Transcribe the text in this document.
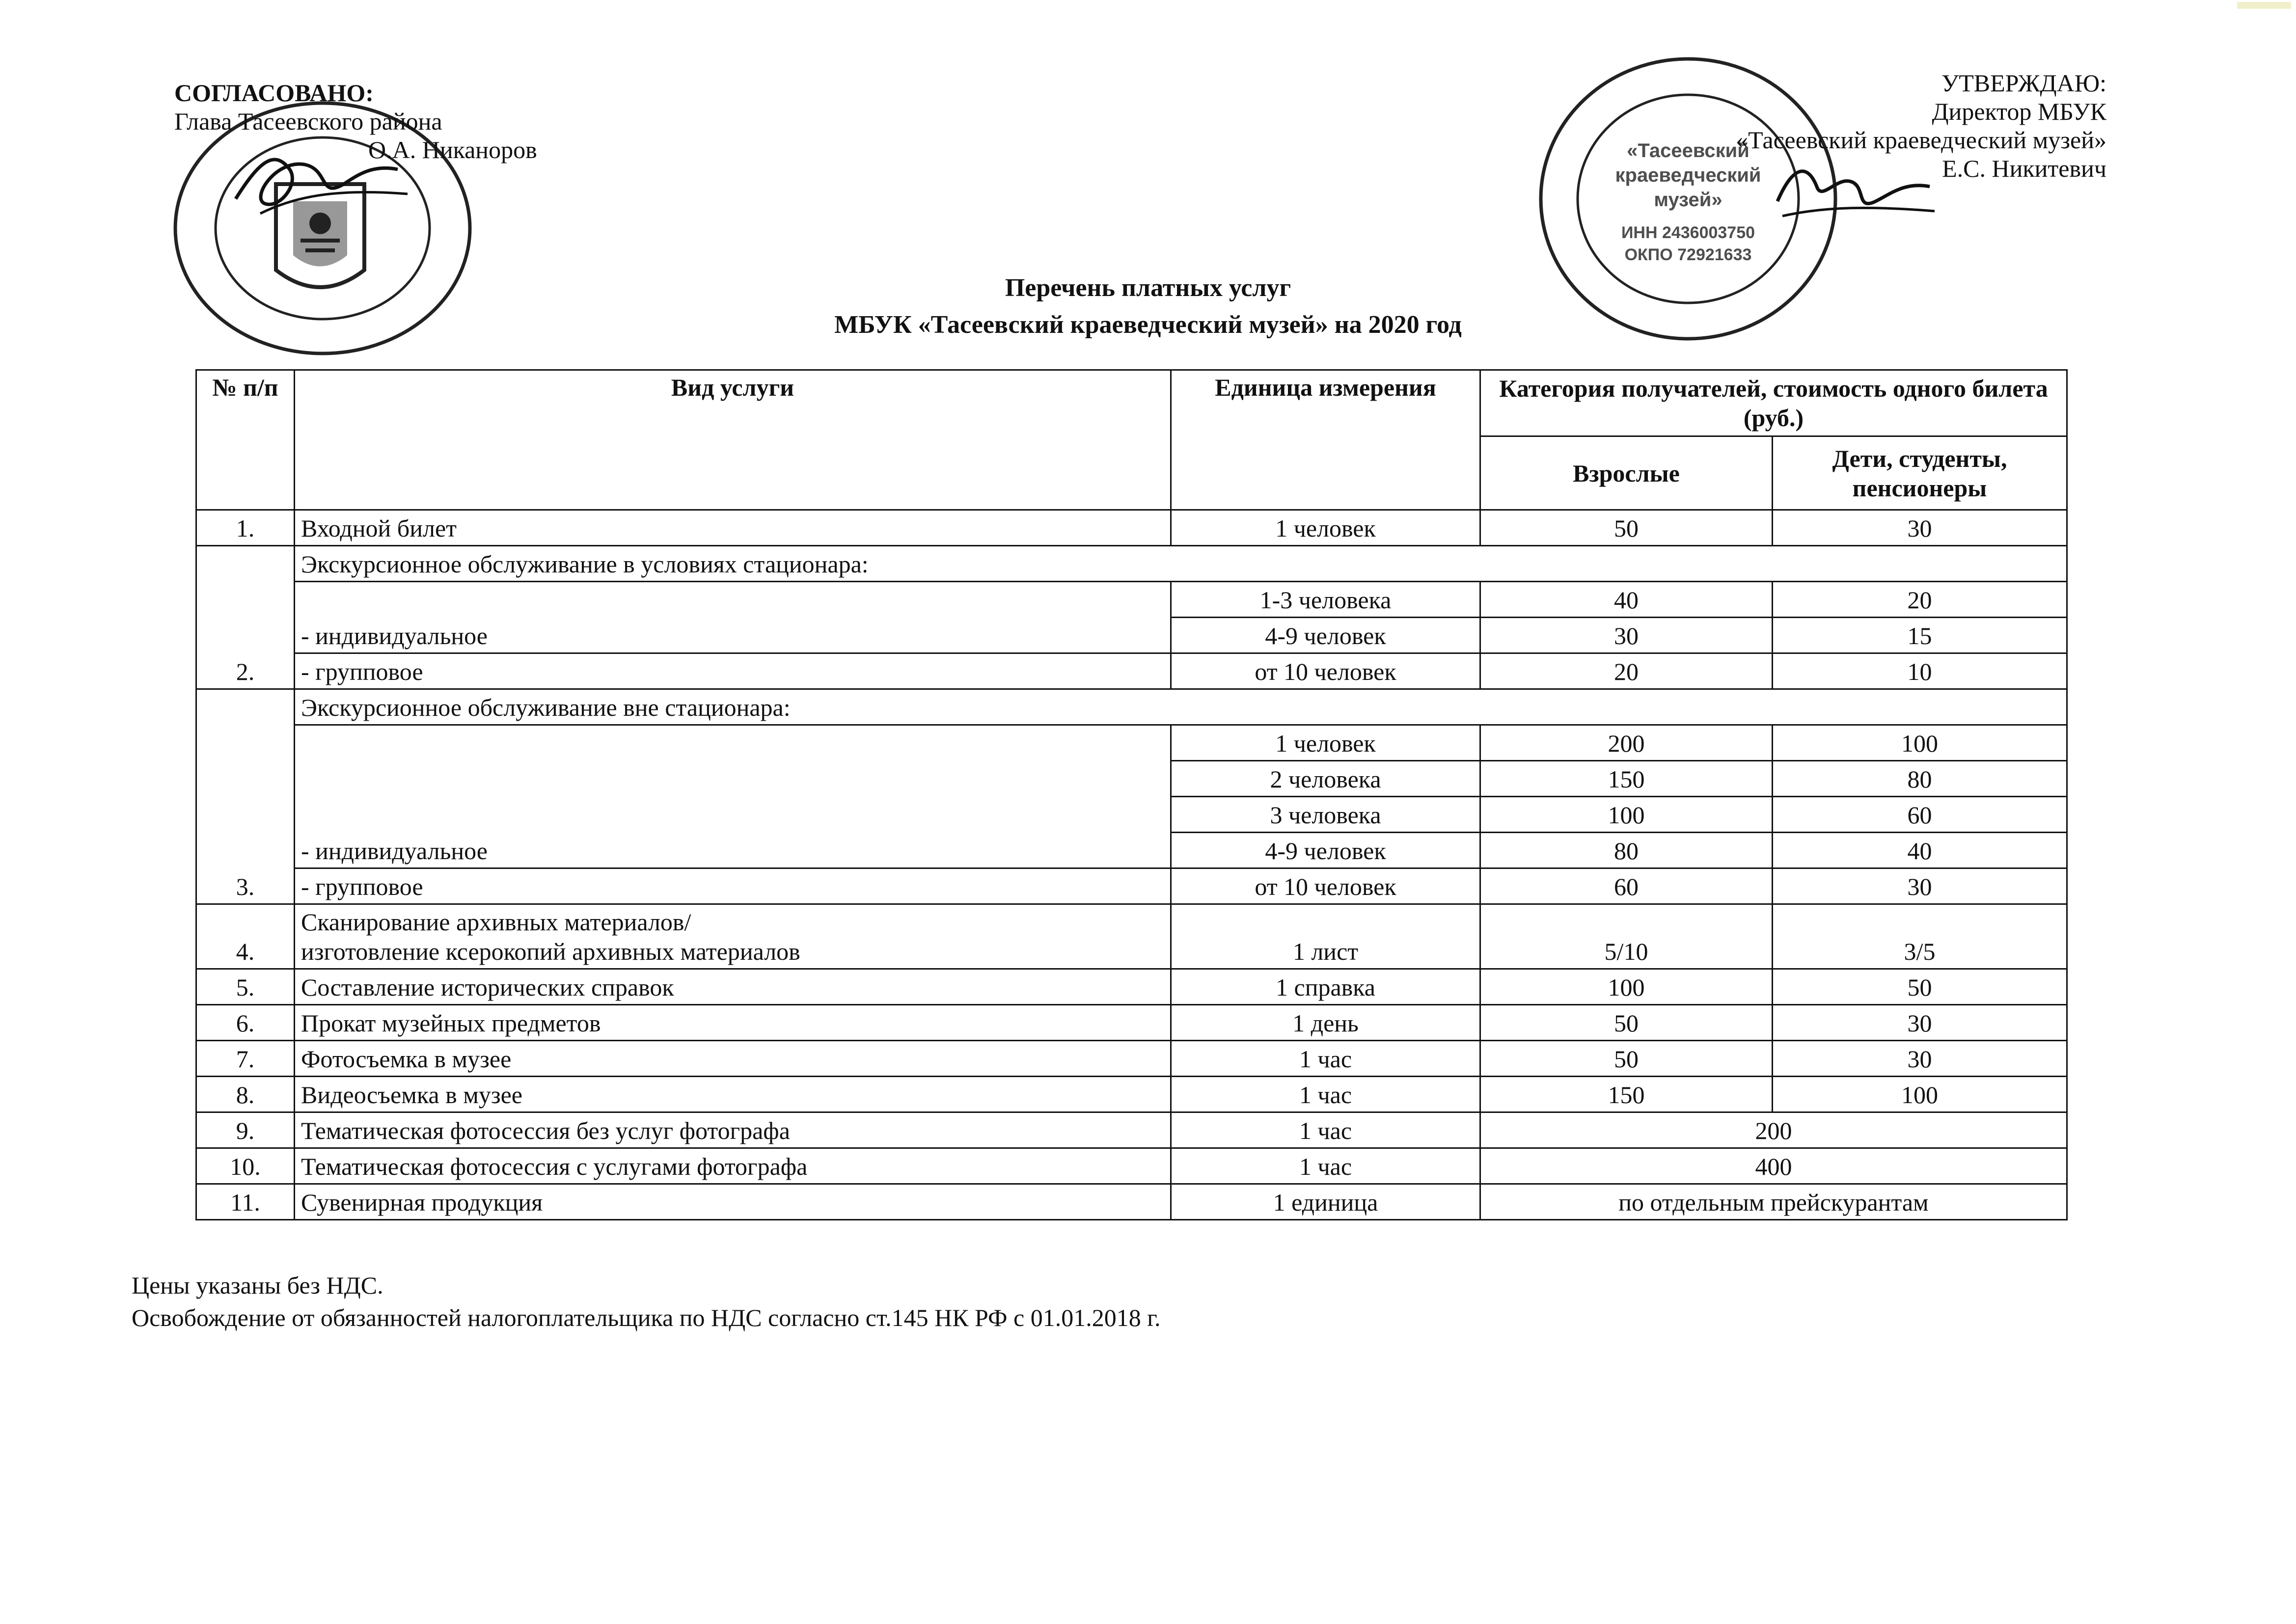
СОГЛАСОВАНО:
Глава Тасеевского района
О.А. Никаноров	«Тасеевский
краеведческий
музей»
ИНН 2436003750
ОКПО 72921633
УТВЕРЖДАЮ:
Директор МБУК
«Тасеевский краеведческий музей»
Е.С. Никитевич
Перечень платных услуг
МБУК «Тасеевский краеведческий музей» на 2020 год
№ п/п	Вид услуги	Единица измерения	Категория получателей, стоимость одного билета (руб.)	
			Взрослые	Дети, студенты, пенсионеры
1.	Входной билет	1 человек	50	30
2.	Экскурсионное обслуживание в условиях стационара:			
	- индивидуальное	1-3 человека	40	20
		4-9 человек	30	15
	- групповое	от 10 человек	20	10
3.	Экскурсионное обслуживание вне стационара:			
	- индивидуальное	1 человек	200	100
		2 человека	150	80
		3 человека	100	60
		4-9 человек	80	40
	- групповое	от 10 человек	60	30
4.	Сканирование архивных материалов/
изготовление ксерокопий архивных материалов	1 лист	5/10	3/5
5.	Составление исторических справок	1 справка	100	50
6.	Прокат музейных предметов	1 день	50	30
7.	Фотосъемка в музее	1 час	50	30
8.	Видеосъемка в музее	1 час	150	100
9.	Тематическая фотосессия без услуг фотографа	1 час	200	
10.	Тематическая фотосессия с услугами фотографа	1 час	400	
11.	Сувенирная продукция	1 единица	по отдельным прейскурантам	
Цены указаны без НДС.
Освобождение от обязанностей налогоплательщика по НДС согласно ст.145 НК РФ с 01.01.2018 г.
